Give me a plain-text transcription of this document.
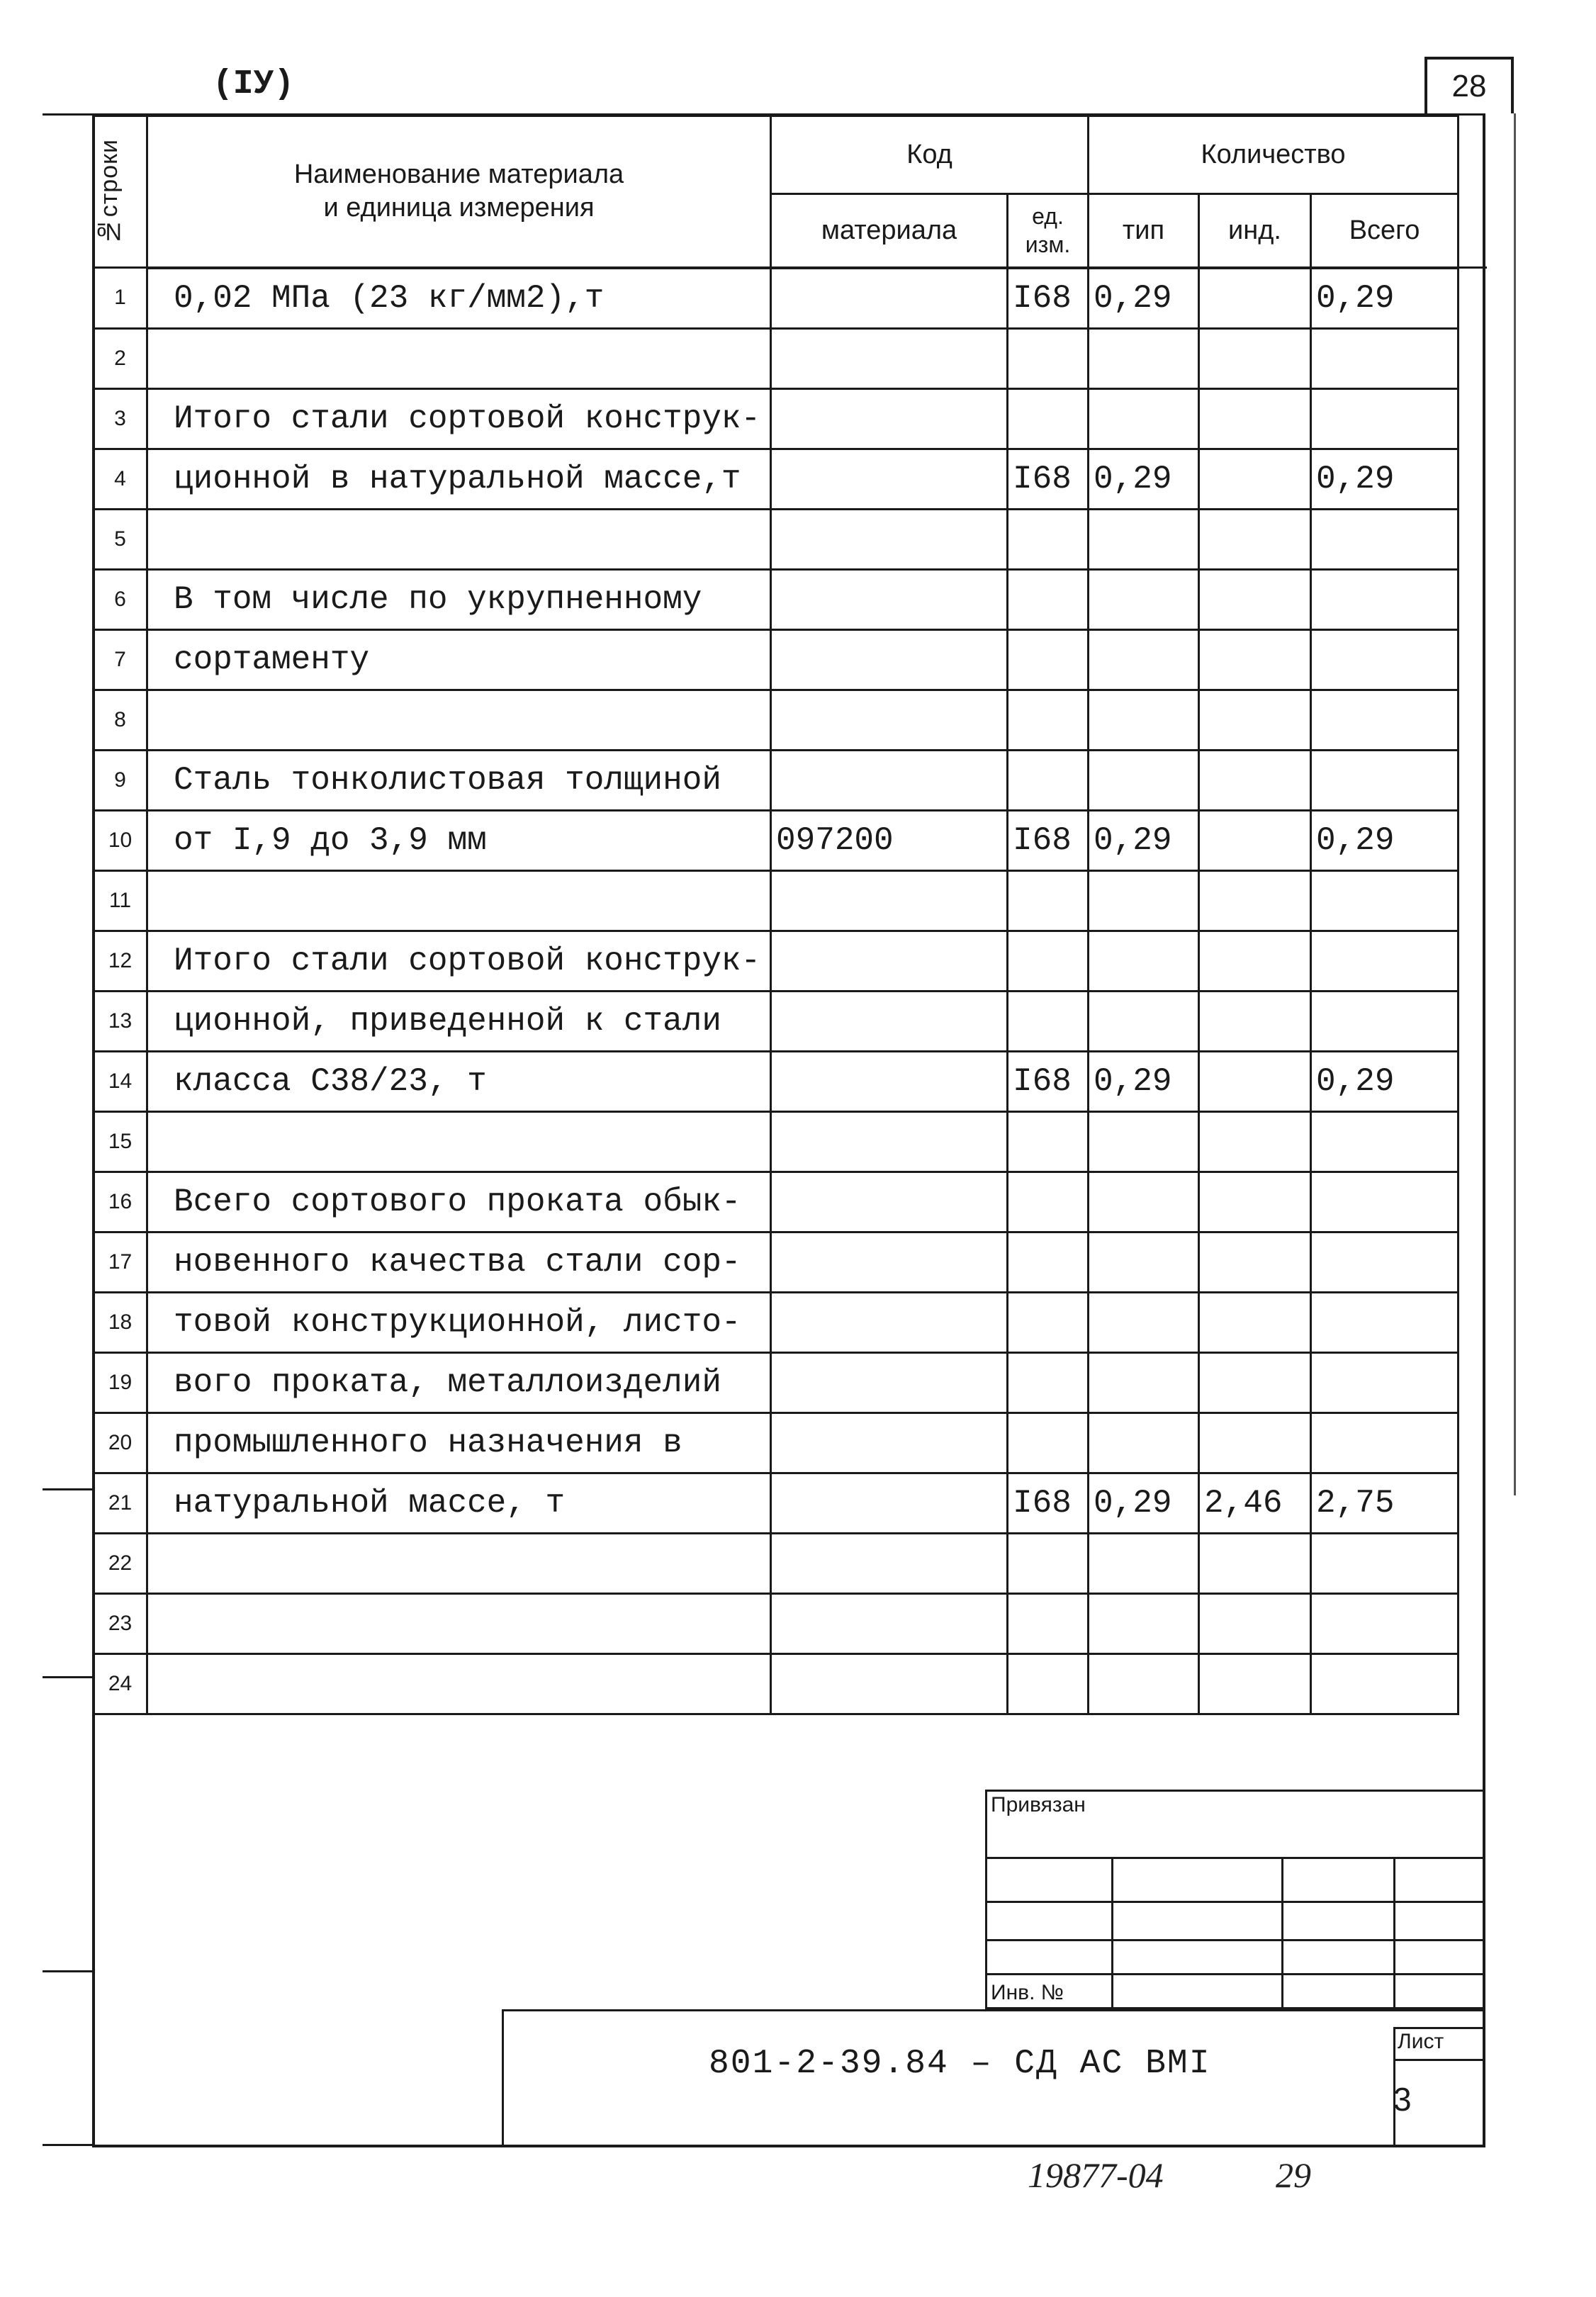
(IУ)	28
№строки	Наименование материала
и единица измерения	Код		Количество			
		материала	ед. изм.	тип	инд.	Всего	
1	0,02 МПа (23 кг/мм2),т		I68	0,29		0,29	
2							
3	Итого стали сортовой конструк-						
4	ционной в натуральной массе,т		I68	0,29		0,29	
5							
6	В том числе по укрупненному						
7	сортаменту						
8							
9	Сталь тонколистовая толщиной						
10	от I,9 до 3,9 мм	097200	I68	0,29		0,29	
11							
12	Итого стали сортовой конструк-						
13	ционной, приведенной к стали						
14	класса С38/23, т		I68	0,29		0,29	
15							
16	Всего сортового проката обык-						
17	новенного качества стали сор-						
18	товой конструкционной, листо-						
19	вого проката, металлоизделий						
20	промышленного назначения в						
21	натуральной массе, т		I68	0,29	2,46	2,75	
22							
23							
24							
Привязан
Инв. №
801-2-39.84 – СД АС ВМI
Лист
3
19877-04	29
